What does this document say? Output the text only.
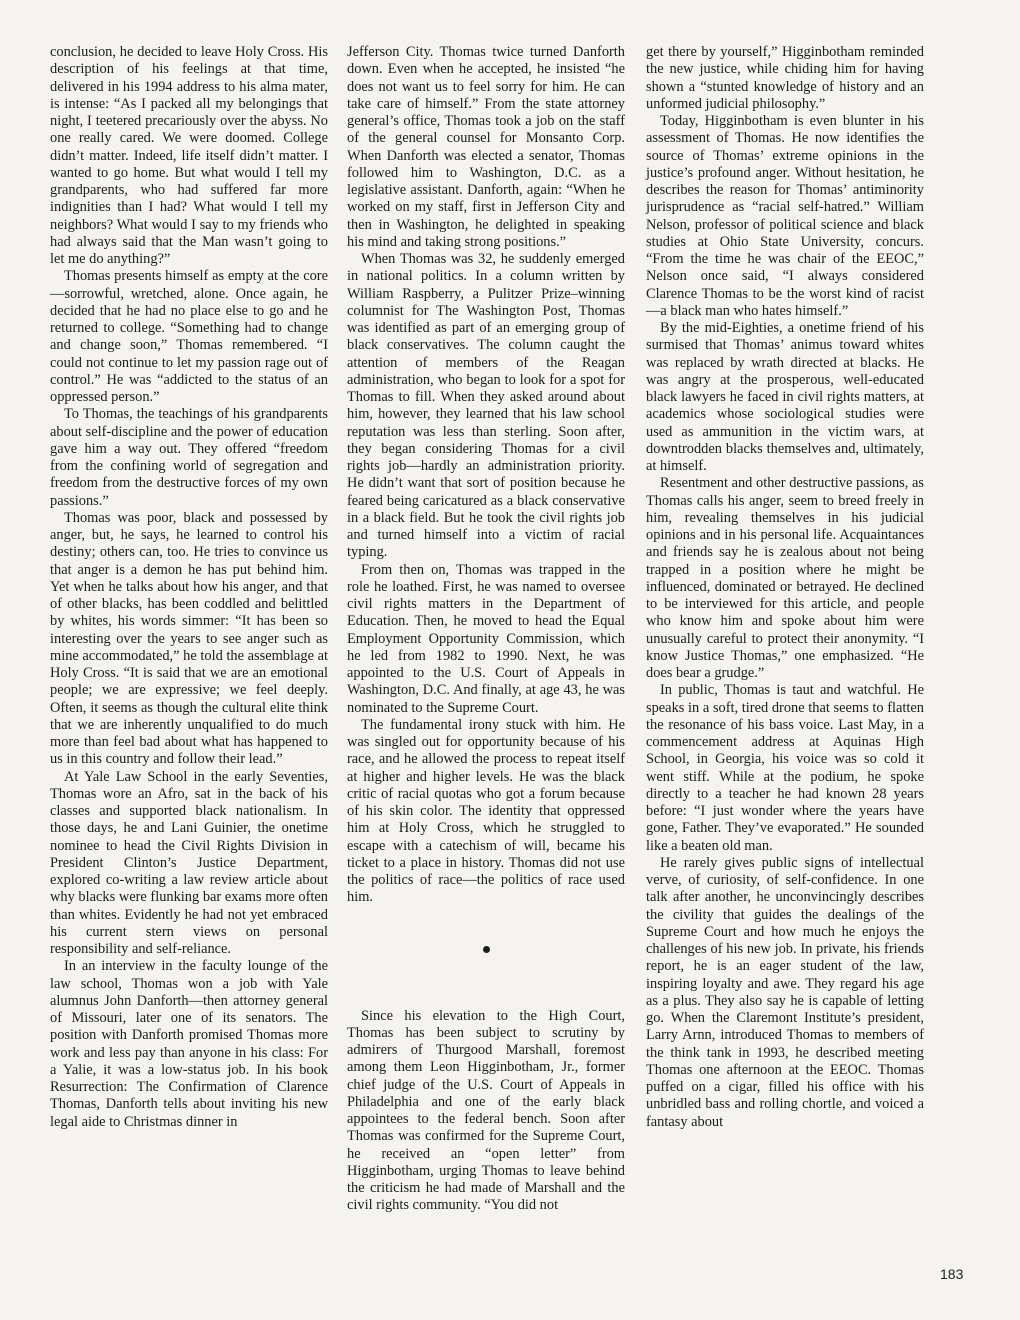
conclusion, he decided to leave Holy Cross. His description of his feelings at that time, delivered in his 1994 address to his alma mater, is intense: “As I packed all my belongings that night, I teetered precariously over the abyss. No one really cared. We were doomed. College didn’t matter. Indeed, life itself didn’t matter. I wanted to go home. But what would I tell my grandparents, who had suffered far more indignities than I had? What would I tell my neighbors? What would I say to my friends who had always said that the Man wasn’t going to let me do anything?”

Thomas presents himself as empty at the core—sorrowful, wretched, alone. Once again, he decided that he had no place else to go and he returned to college. “Something had to change and change soon,” Thomas remembered. “I could not continue to let my passion rage out of control.” He was “addicted to the status of an oppressed person.”

To Thomas, the teachings of his grandparents about self-discipline and the power of education gave him a way out. They offered “freedom from the confining world of segregation and freedom from the destructive forces of my own passions.”

Thomas was poor, black and possessed by anger, but, he says, he learned to control his destiny; others can, too. He tries to convince us that anger is a demon he has put behind him. Yet when he talks about how his anger, and that of other blacks, has been coddled and belittled by whites, his words simmer: “It has been so interesting over the years to see anger such as mine accommodated,” he told the assemblage at Holy Cross. “It is said that we are an emotional people; we are expressive; we feel deeply. Often, it seems as though the cultural elite think that we are inherently unqualified to do much more than feel bad about what has happened to us in this country and follow their lead.”

At Yale Law School in the early Seventies, Thomas wore an Afro, sat in the back of his classes and supported black nationalism. In those days, he and Lani Guinier, the onetime nominee to head the Civil Rights Division in President Clinton’s Justice Department, explored co-writing a law review article about why blacks were flunking bar exams more often than whites. Evidently he had not yet embraced his current stern views on personal responsibility and self-reliance.

In an interview in the faculty lounge of the law school, Thomas won a job with Yale alumnus John Danforth—then attorney general of Missouri, later one of its senators. The position with Danforth promised Thomas more work and less pay than anyone in his class: For a Yalie, it was a low-status job. In his book Resurrection: The Confirmation of Clarence Thomas, Danforth tells about inviting his new legal aide to Christmas dinner in

Jefferson City. Thomas twice turned Danforth down. Even when he accepted, he insisted “he does not want us to feel sorry for him. He can take care of himself.” From the state attorney general’s office, Thomas took a job on the staff of the general counsel for Monsanto Corp. When Danforth was elected a senator, Thomas followed him to Washington, D.C. as a legislative assistant. Danforth, again: “When he worked on my staff, first in Jefferson City and then in Washington, he delighted in speaking his mind and taking strong positions.”

When Thomas was 32, he suddenly emerged in national politics. In a column written by William Raspberry, a Pulitzer Prize–winning columnist for The Washington Post, Thomas was identified as part of an emerging group of black conservatives. The column caught the attention of members of the Reagan administration, who began to look for a spot for Thomas to fill. When they asked around about him, however, they learned that his law school reputation was less than sterling. Soon after, they began considering Thomas for a civil rights job—hardly an administration priority. He didn’t want that sort of position because he feared being caricatured as a black conservative in a black field. But he took the civil rights job and turned himself into a victim of racial typing.

From then on, Thomas was trapped in the role he loathed. First, he was named to oversee civil rights matters in the Department of Education. Then, he moved to head the Equal Employment Opportunity Commission, which he led from 1982 to 1990. Next, he was appointed to the U.S. Court of Appeals in Washington, D.C. And finally, at age 43, he was nominated to the Supreme Court.

The fundamental irony stuck with him. He was singled out for opportunity because of his race, and he allowed the process to repeat itself at higher and higher levels. He was the black critic of racial quotas who got a forum because of his skin color. The identity that oppressed him at Holy Cross, which he struggled to escape with a catechism of will, became his ticket to a place in history. Thomas did not use the politics of race—the politics of race used him.

Since his elevation to the High Court, Thomas has been subject to scrutiny by admirers of Thurgood Marshall, foremost among them Leon Higginbotham, Jr., former chief judge of the U.S. Court of Appeals in Philadelphia and one of the early black appointees to the federal bench. Soon after Thomas was confirmed for the Supreme Court, he received an “open letter” from Higginbotham, urging Thomas to leave behind the criticism he had made of Marshall and the civil rights community. “You did not

get there by yourself,” Higginbotham reminded the new justice, while chiding him for having shown a “stunted knowledge of history and an unformed judicial philosophy.”

Today, Higginbotham is even blunter in his assessment of Thomas. He now identifies the source of Thomas’ extreme opinions in the justice’s profound anger. Without hesitation, he describes the reason for Thomas’ antiminority jurisprudence as “racial self-hatred.” William Nelson, professor of political science and black studies at Ohio State University, concurs. “From the time he was chair of the EEOC,” Nelson once said, “I always considered Clarence Thomas to be the worst kind of racist—a black man who hates himself.”

By the mid-Eighties, a onetime friend of his surmised that Thomas’ animus toward whites was replaced by wrath directed at blacks. He was angry at the prosperous, well-educated black lawyers he faced in civil rights matters, at academics whose sociological studies were used as ammunition in the victim wars, at downtrodden blacks themselves and, ultimately, at himself.

Resentment and other destructive passions, as Thomas calls his anger, seem to breed freely in him, revealing themselves in his judicial opinions and in his personal life. Acquaintances and friends say he is zealous about not being trapped in a position where he might be influenced, dominated or betrayed. He declined to be interviewed for this article, and people who know him and spoke about him were unusually careful to protect their anonymity. “I know Justice Thomas,” one emphasized. “He does bear a grudge.”

In public, Thomas is taut and watchful. He speaks in a soft, tired drone that seems to flatten the resonance of his bass voice. Last May, in a commencement address at Aquinas High School, in Georgia, his voice was so cold it went stiff. While at the podium, he spoke directly to a teacher he had known 28 years before: “I just wonder where the years have gone, Father. They’ve evaporated.” He sounded like a beaten old man.

He rarely gives public signs of intellectual verve, of curiosity, of self-confidence. In one talk after another, he unconvincingly describes the civility that guides the dealings of the Supreme Court and how much he enjoys the challenges of his new job. In private, his friends report, he is an eager student of the law, inspiring loyalty and awe. They regard his age as a plus. They also say he is capable of letting go. When the Claremont Institute’s president, Larry Arnn, introduced Thomas to members of the think tank in 1993, he described meeting Thomas one afternoon at the EEOC. Thomas puffed on a cigar, filled his office with his unbridled bass and rolling chortle, and voiced a fantasy about

183
